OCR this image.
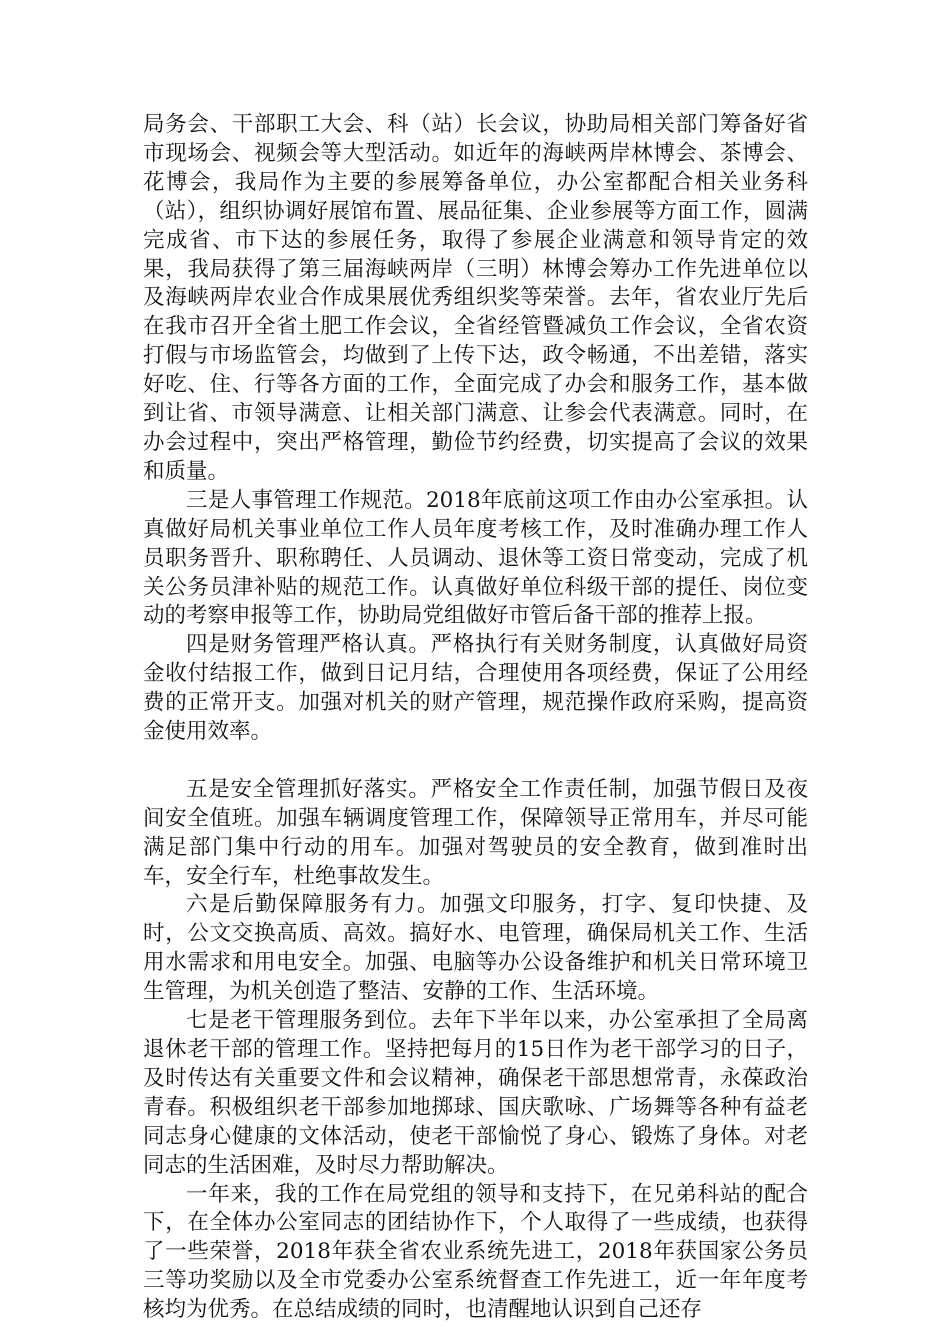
局务会、干部职工大会、科（站）长会议，协助局相关部门筹备好省市现场会、视频会等大型活动。如近年的海峡两岸林博会、茶博会、花博会，我局作为主要的参展筹备单位，办公室都配合相关业务科（站），组织协调好展馆布置、展品征集、企业参展等方面工作，圆满完成省、市下达的参展任务，取得了参展企业满意和领导肯定的效果，我局获得了第三届海峡两岸（三明）林博会筹办工作先进单位以及海峡两岸农业合作成果展优秀组织奖等荣誉。去年，省农业厅先后在我市召开全省土肥工作会议，全省经管暨减负工作会议，全省农资打假与市场监管会，均做到了上传下达，政令畅通，不出差错，落实好吃、住、行等各方面的工作，全面完成了办会和服务工作，基本做到让省、市领导满意、让相关部门满意、让参会代表满意。同时，在办会过程中，突出严格管理，勤俭节约经费，切实提高了会议的效果和质量。

三是人事管理工作规范。2018年底前这项工作由办公室承担。认真做好局机关事业单位工作人员年度考核工作，及时准确办理工作人员职务晋升、职称聘任、人员调动、退休等工资日常变动，完成了机关公务员津补贴的规范工作。认真做好单位科级干部的提任、岗位变动的考察申报等工作，协助局党组做好市管后备干部的推荐上报。

四是财务管理严格认真。严格执行有关财务制度，认真做好局资金收付结报工作，做到日记月结，合理使用各项经费，保证了公用经费的正常开支。加强对机关的财产管理，规范操作政府采购，提高资金使用效率。

五是安全管理抓好落实。严格安全工作责任制，加强节假日及夜间安全值班。加强车辆调度管理工作，保障领导正常用车，并尽可能满足部门集中行动的用车。加强对驾驶员的安全教育，做到准时出车，安全行车，杜绝事故发生。

六是后勤保障服务有力。加强文印服务，打字、复印快捷、及时，公文交换高质、高效。搞好水、电管理，确保局机关工作、生活用水需求和用电安全。加强、电脑等办公设备维护和机关日常环境卫生管理，为机关创造了整洁、安静的工作、生活环境。

七是老干管理服务到位。去年下半年以来，办公室承担了全局离退休老干部的管理工作。坚持把每月的15日作为老干部学习的日子，及时传达有关重要文件和会议精神，确保老干部思想常青，永葆政治青春。积极组织老干部参加地掷球、国庆歌咏、广场舞等各种有益老同志身心健康的文体活动，使老干部愉悦了身心、锻炼了身体。对老同志的生活困难，及时尽力帮助解决。

一年来，我的工作在局党组的领导和支持下，在兄弟科站的配合下，在全体办公室同志的团结协作下，个人取得了一些成绩，也获得了一些荣誉，2018年获全省农业系统先进工，2018年获国家公务员三等功奖励以及全市党委办公室系统督查工作先进工，近一年年度考核均为优秀。在总结成绩的同时，也清醒地认识到自己还存
